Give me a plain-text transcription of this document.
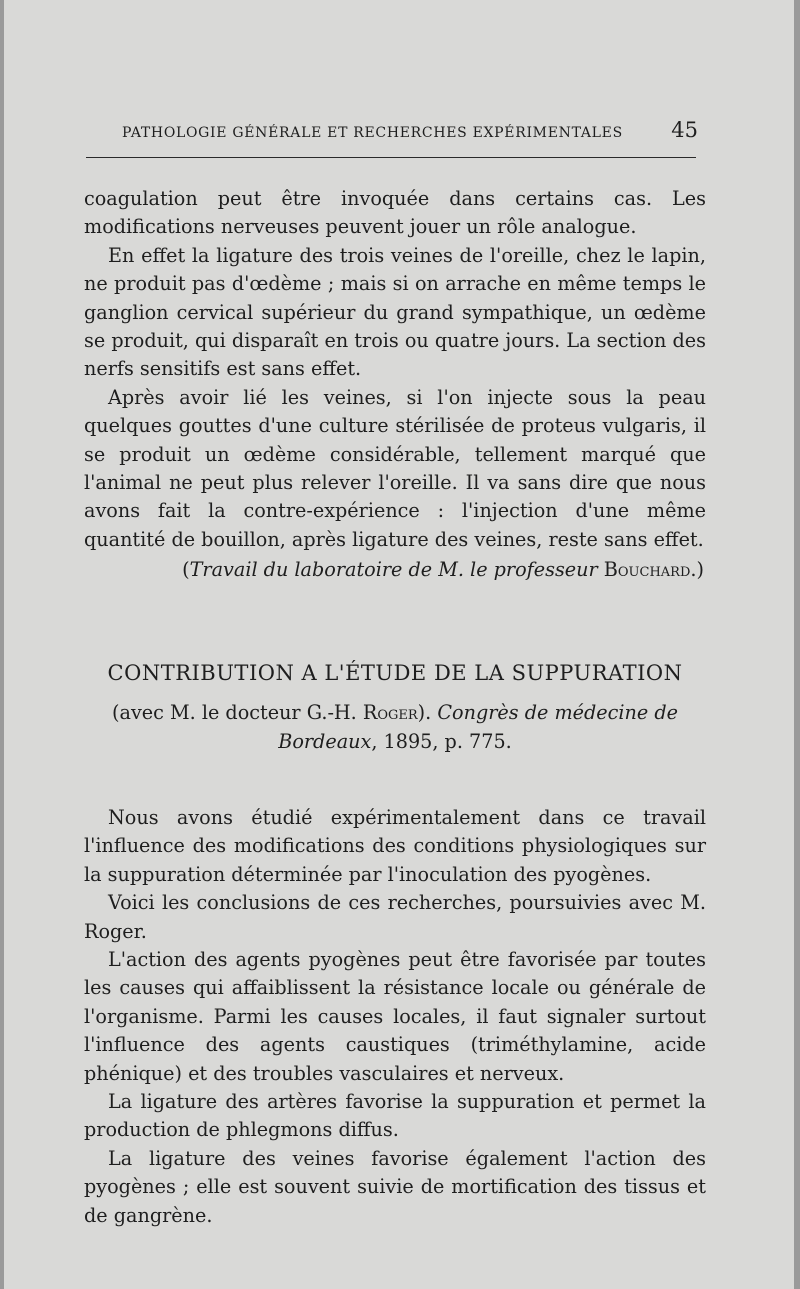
PATHOLOGIE GÉNÉRALE ET RECHERCHES EXPÉRIMENTALES 45

coagulation peut être invoquée dans certains cas. Les modifications nerveuses peuvent jouer un rôle analogue.

En effet la ligature des trois veines de l'oreille, chez le lapin, ne produit pas d'œdème ; mais si on arrache en même temps le ganglion cervical supérieur du grand sympathique, un œdème se produit, qui disparaît en trois ou quatre jours. La section des nerfs sensitifs est sans effet.

Après avoir lié les veines, si l'on injecte sous la peau quelques gouttes d'une culture stérilisée de proteus vulgaris, il se produit un œdème considérable, tellement marqué que l'animal ne peut plus relever l'oreille. Il va sans dire que nous avons fait la contre-expérience : l'injection d'une même quantité de bouillon, après ligature des veines, reste sans effet.

(Travail du laboratoire de M. le professeur Bouchard.)
CONTRIBUTION A L'ÉTUDE DE LA SUPPURATION
(avec M. le docteur G.-H. Roger). Congrès de médecine de Bordeaux, 1895, p. 775.

Nous avons étudié expérimentalement dans ce travail l'influence des modifications des conditions physiologiques sur la suppuration déterminée par l'inoculation des pyogènes.

Voici les conclusions de ces recherches, poursuivies avec M. Roger.

L'action des agents pyogènes peut être favorisée par toutes les causes qui affaiblissent la résistance locale ou générale de l'organisme. Parmi les causes locales, il faut signaler surtout l'influence des agents caustiques (triméthylamine, acide phénique) et des troubles vasculaires et nerveux.

La ligature des artères favorise la suppuration et permet la production de phlegmons diffus.

La ligature des veines favorise également l'action des pyogènes ; elle est souvent suivie de mortification des tissus et de gangrène.
